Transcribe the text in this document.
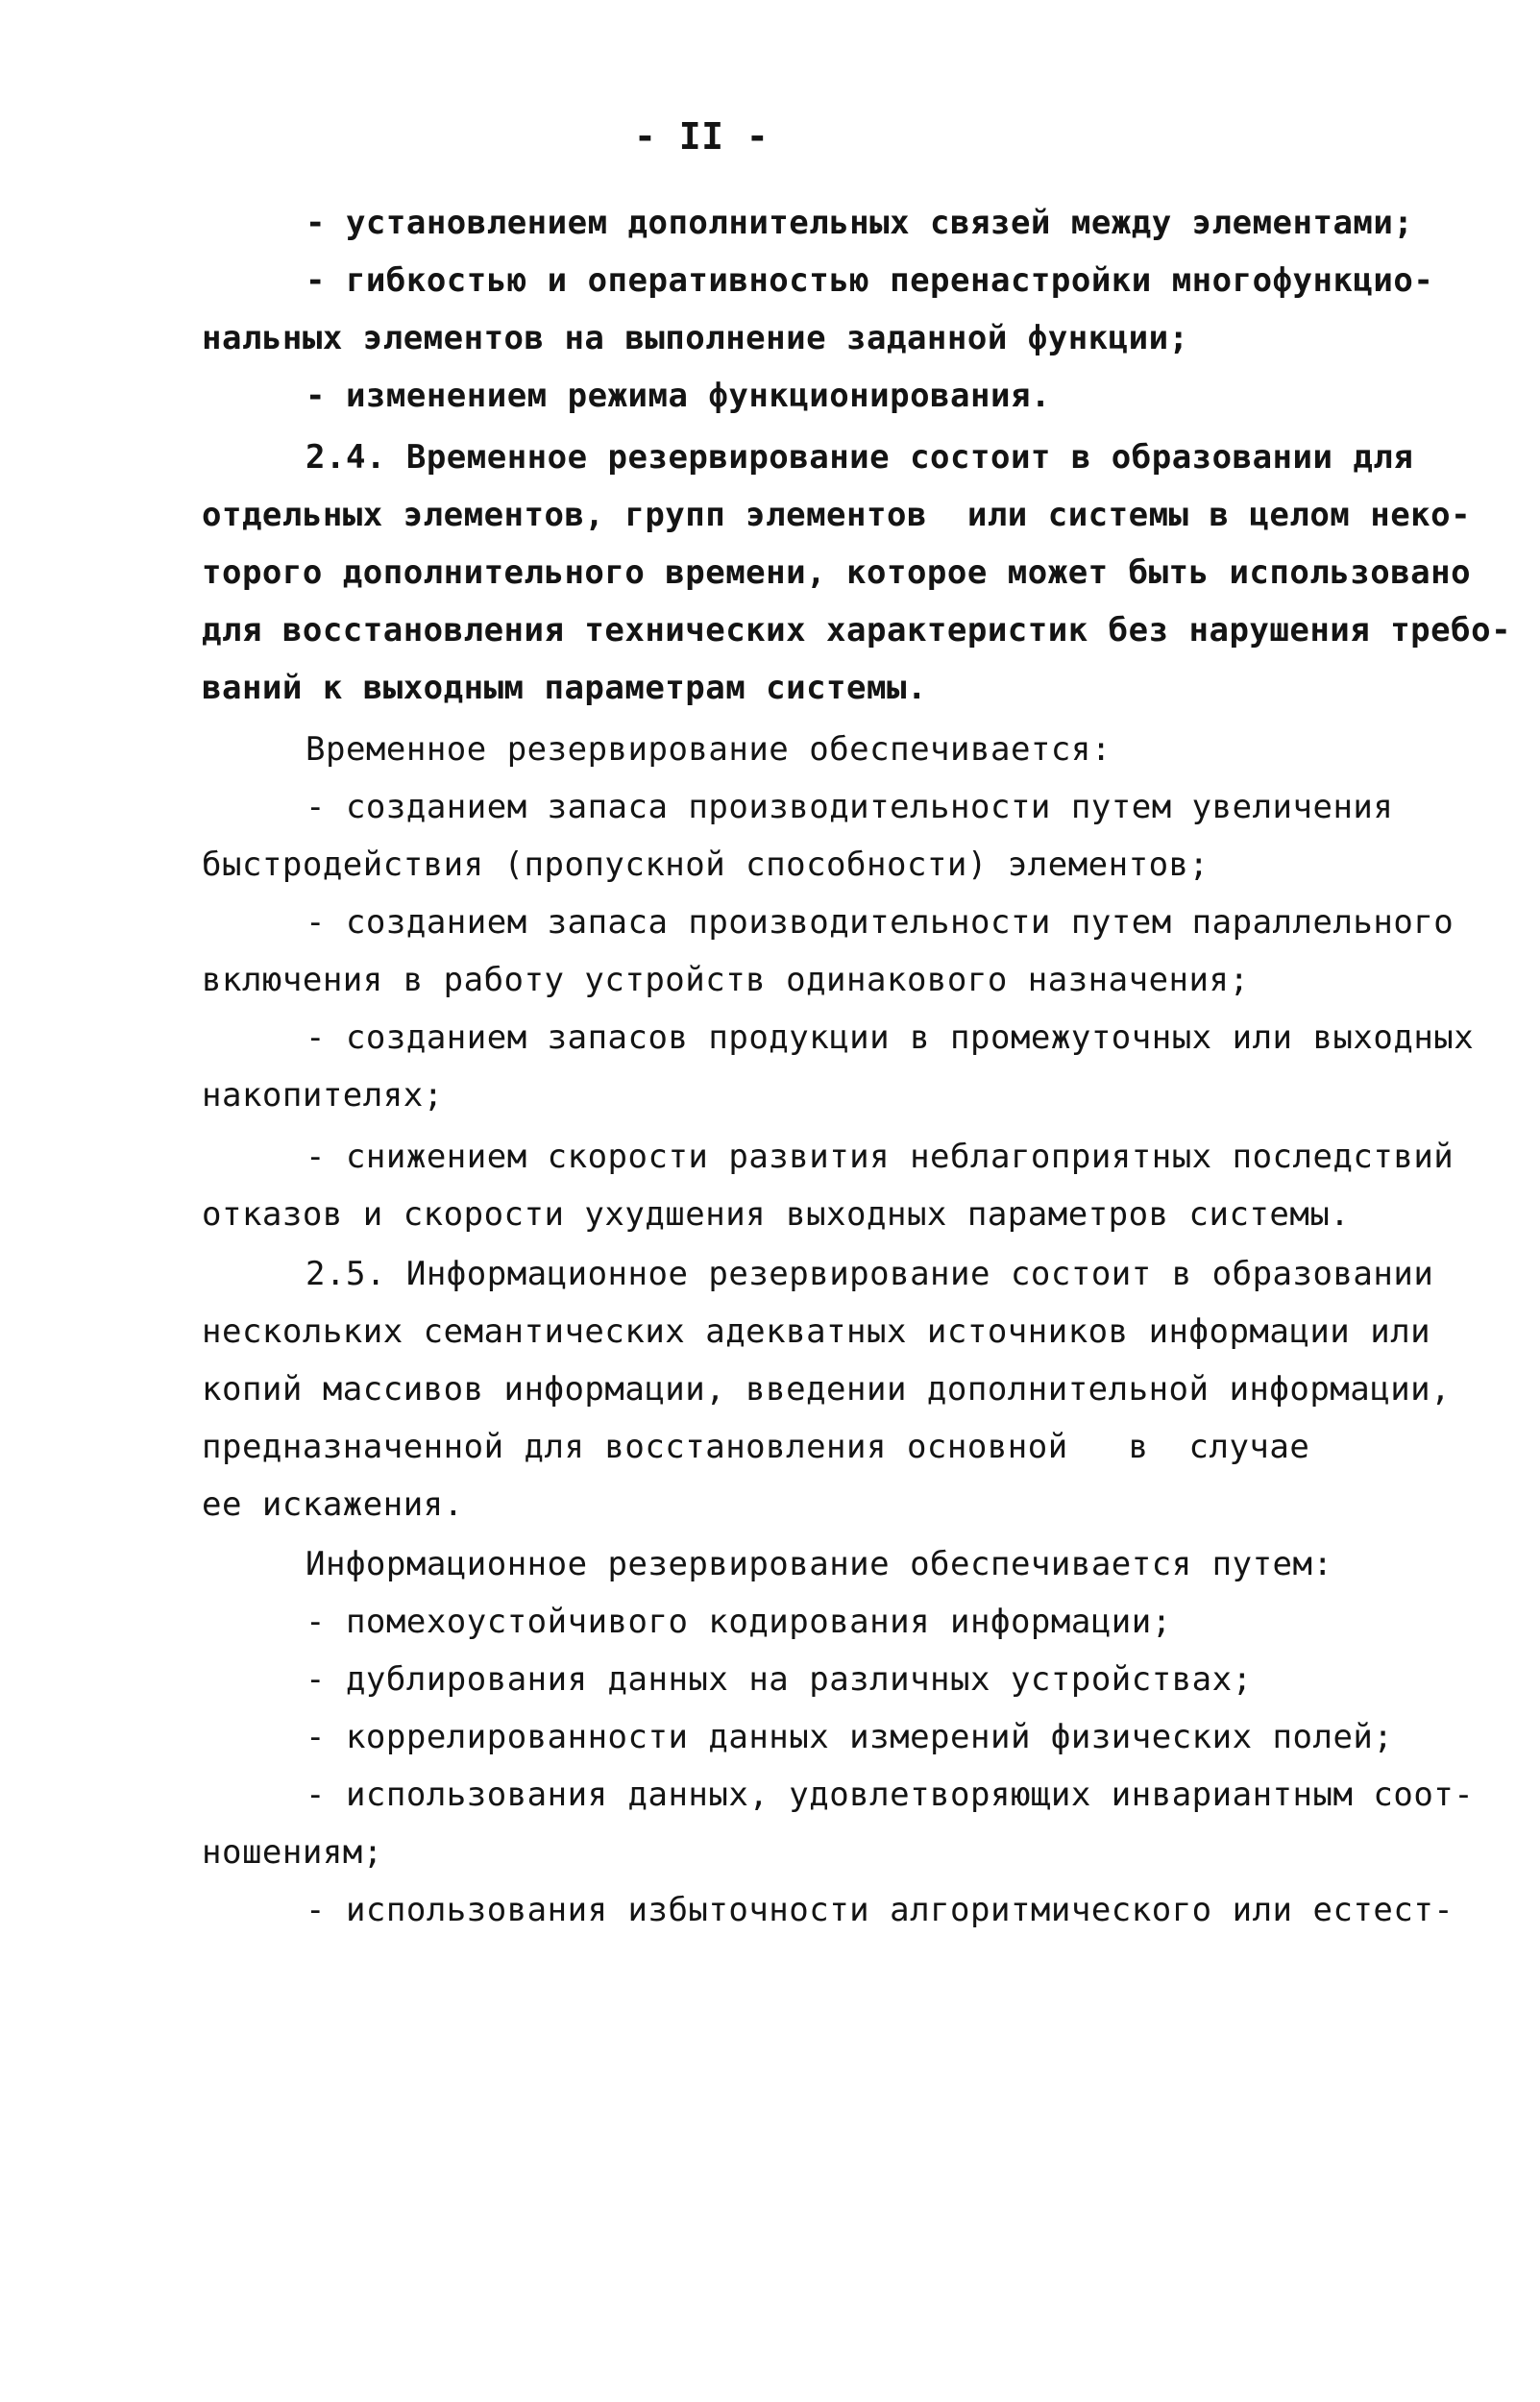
- II -

- установлением дополнительных связей между элементами;

- гибкостью и оперативностью перенастройки многофункцио-

нальных элементов на выполнение заданной функции;

- изменением режима функционирования.

2.4. Временное резервирование состоит в образовании для

отдельных элементов, групп элементов  или системы в целом неко-

торого дополнительного времени, которое может быть использовано

для восстановления технических характеристик без нарушения требо-

ваний к выходным параметрам системы.

Временное резервирование обеспечивается:

- созданием запаса производительности путем увеличения

быстродействия (пропускной способности) элементов;

- созданием запаса производительности путем параллельного

включения в работу устройств одинакового назначения;

- созданием запасов продукции в промежуточных или выходных

накопителях;

- снижением скорости развития неблагоприятных последствий

отказов и скорости ухудшения выходных параметров системы.

2.5. Информационное резервирование состоит в образовании

нескольких семантических адекватных источников информации или

копий массивов информации, введении дополнительной информации,

предназначенной для восстановления основной   в  случае

ее искажения.

Информационное резервирование обеспечивается путем:

- помехоустойчивого кодирования информации;

- дублирования данных на различных устройствах;

- коррелированности данных измерений физических полей;

- использования данных, удовлетворяющих инвариантным соот-

ношениям;

- использования избыточности алгоритмического или естест-
